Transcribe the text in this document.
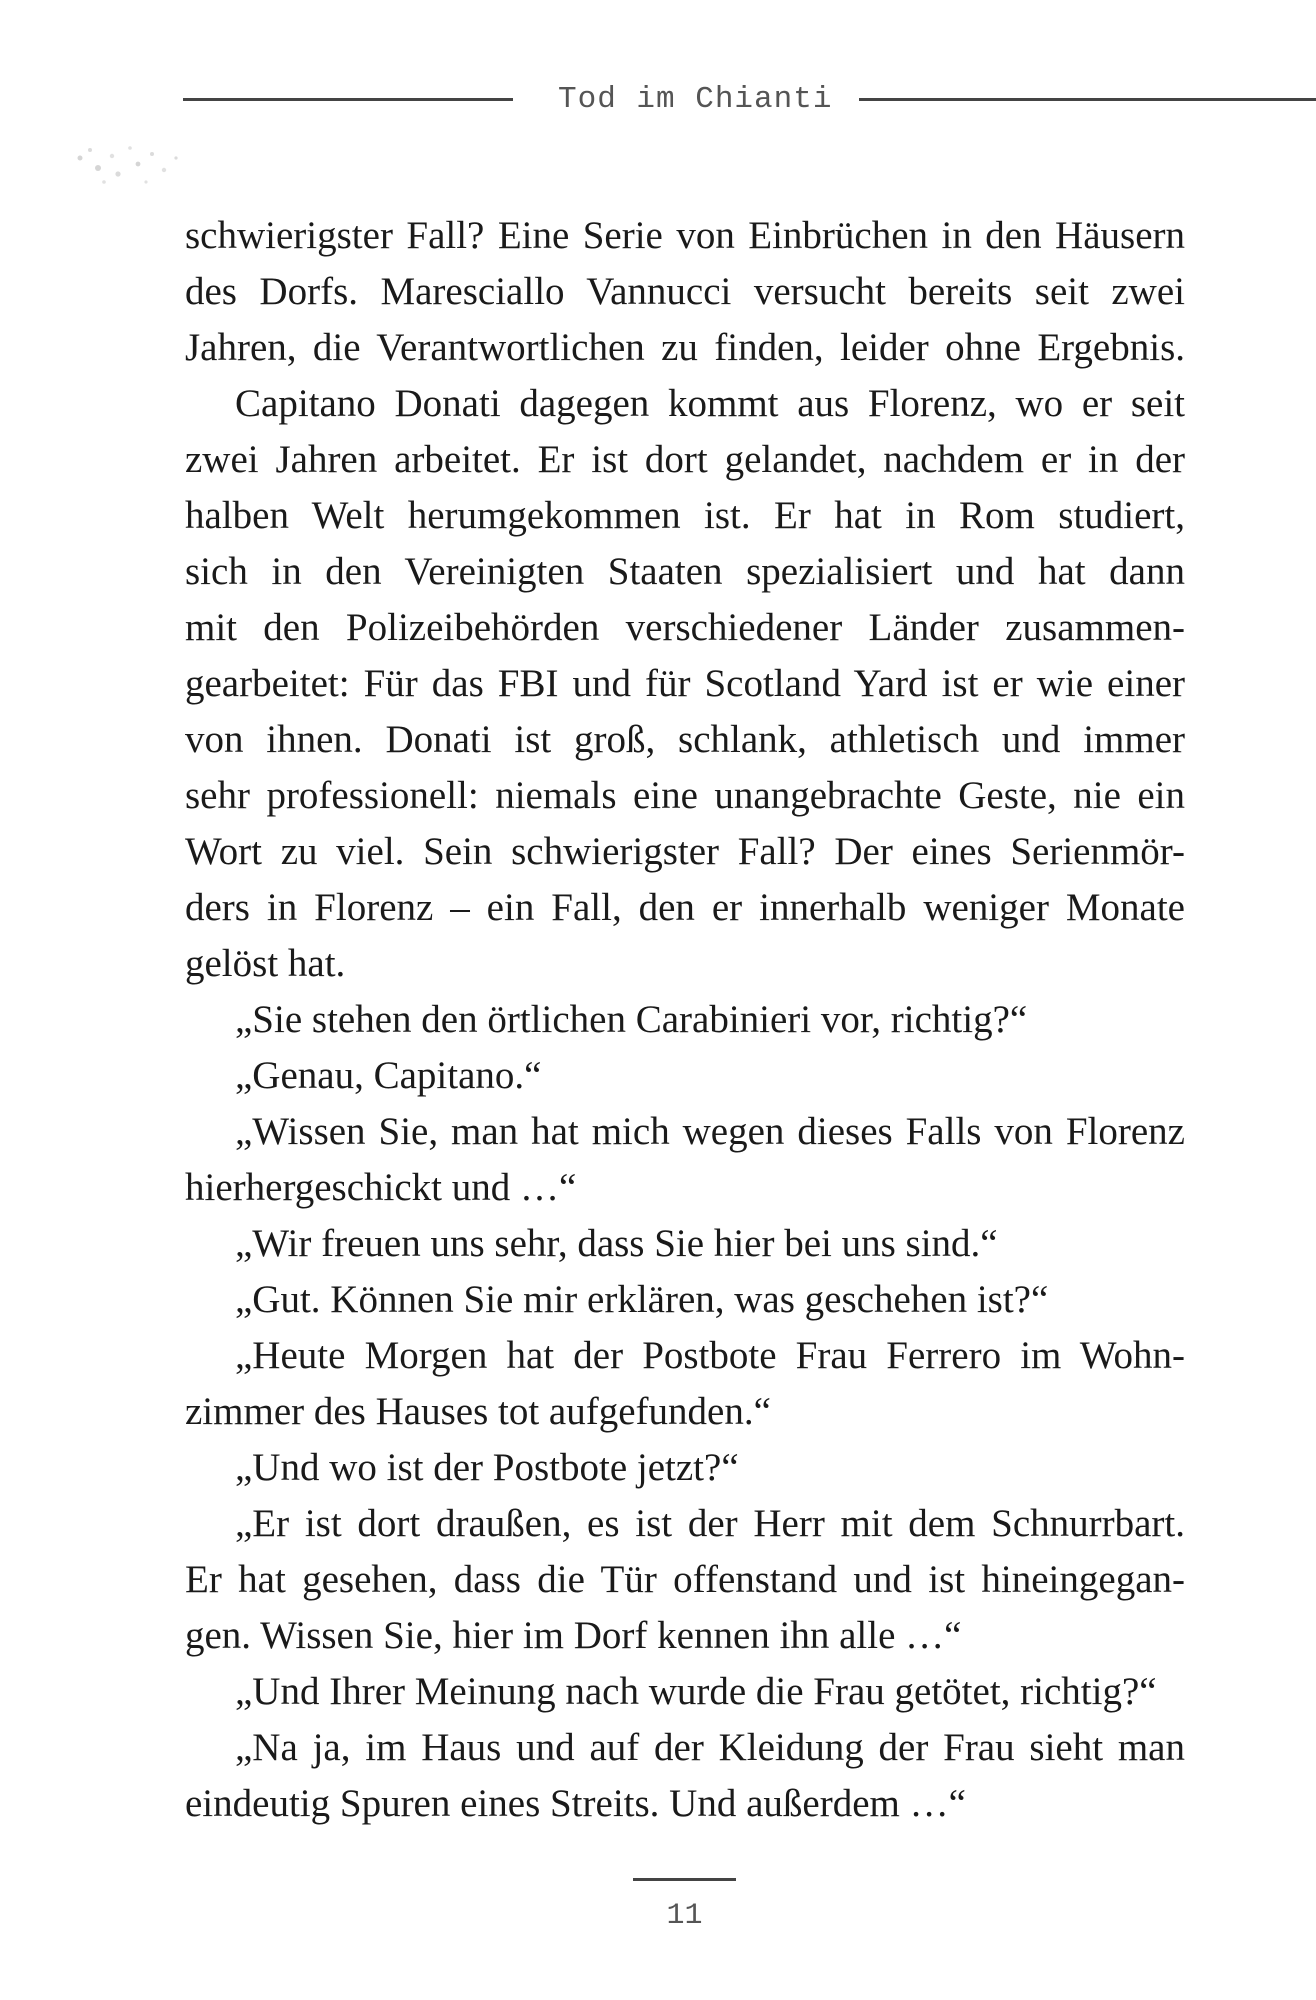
Tod im Chianti
schwierigster Fall? Eine Serie von Einbrüchen in den Häusern
des Dorfs. Maresciallo Vannucci versucht bereits seit zwei
Jahren, die Verantwortlichen zu finden, leider ohne Ergebnis.
Capitano Donati dagegen kommt aus Florenz, wo er seit
zwei Jahren arbeitet. Er ist dort gelandet, nachdem er in der
halben Welt herumgekommen ist. Er hat in Rom studiert,
sich in den Vereinigten Staaten spezialisiert und hat dann
mit den Polizeibehörden verschiedener Länder zusammen-
gearbeitet: Für das FBI und für Scotland Yard ist er wie einer
von ihnen. Donati ist groß, schlank, athletisch und immer
sehr professionell: niemals eine unangebrachte Geste, nie ein
Wort zu viel. Sein schwierigster Fall? Der eines Serienmör-
ders in Florenz – ein Fall, den er innerhalb weniger Monate
gelöst hat.
„Sie stehen den örtlichen Carabinieri vor, richtig?“
„Genau, Capitano.“
„Wissen Sie, man hat mich wegen dieses Falls von Florenz
hierhergeschickt und …“
„Wir freuen uns sehr, dass Sie hier bei uns sind.“
„Gut. Können Sie mir erklären, was geschehen ist?“
„Heute Morgen hat der Postbote Frau Ferrero im Wohn-
zimmer des Hauses tot aufgefunden.“
„Und wo ist der Postbote jetzt?“
„Er ist dort draußen, es ist der Herr mit dem Schnurrbart.
Er hat gesehen, dass die Tür offenstand und ist hineingegan-
gen. Wissen Sie, hier im Dorf kennen ihn alle …“
„Und Ihrer Meinung nach wurde die Frau getötet, richtig?“
„Na ja, im Haus und auf der Kleidung der Frau sieht man
eindeutig Spuren eines Streits. Und außerdem …“
11
